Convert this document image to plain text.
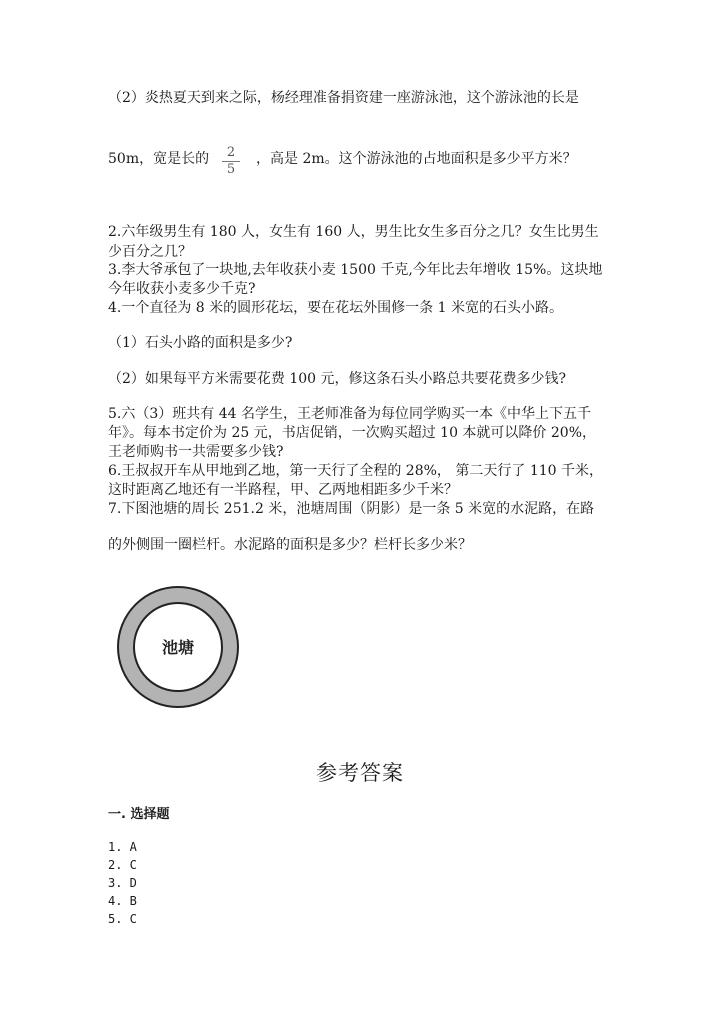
（2）炎热夏天到来之际，杨经理准备捐资建一座游泳池，这个游泳池的长是
50m，宽是长的	2
5
，高是 2m。这个游泳池的占地面积是多少平方米？
2.六年级男生有 180 人，女生有 160 人，男生比女生多百分之几？女生比男生
少百分之几？
3.李大爷承包了一块地,去年收获小麦 1500 千克,今年比去年增收 15%。这块地
今年收获小麦多少千克?
4.一个直径为 8 米的圆形花坛，要在花坛外围修一条 1 米宽的石头小路。
（1）石头小路的面积是多少?
（2）如果每平方米需要花费 100 元，修这条石头小路总共要花费多少钱?
5.六（3）班共有 44 名学生，王老师准备为每位同学购买一本《中华上下五千
年》。每本书定价为 25 元，书店促销，一次购买超过 10 本就可以降价 20%，
王老师购书一共需要多少钱?
6.王叔叔开车从甲地到乙地，第一天行了全程的 28%， 第二天行了 110 千米，
这时距离乙地还有一半路程，甲、乙两地相距多少千米？
7.下图池塘的周长 251.2 米，池塘周围（阴影）是一条 5 米宽的水泥路，在路
的外侧围一圈栏杆。水泥路的面积是多少？栏杆长多少米？
池塘
参考答案
一. 选择题
1. A
2. C
3. D
4. B
5. C
